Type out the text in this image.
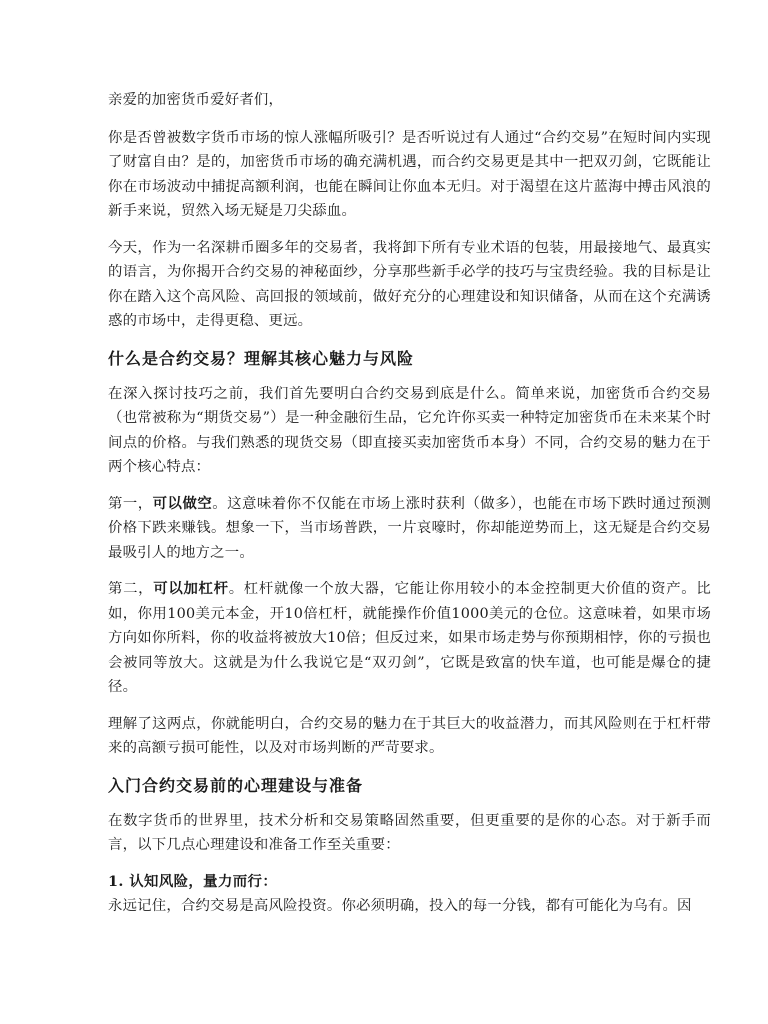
亲爱的加密货币爱好者们，

你是否曾被数字货币市场的惊人涨幅所吸引？是否听说过有人通过“合约交易”在短时间内实现了财富自由？是的，加密货币市场的确充满机遇，而合约交易更是其中一把双刃剑，它既能让你在市场波动中捕捉高额利润，也能在瞬间让你血本无归。对于渴望在这片蓝海中搏击风浪的新手来说，贸然入场无疑是刀尖舔血。

今天，作为一名深耕币圈多年的交易者，我将卸下所有专业术语的包装，用最接地气、最真实的语言，为你揭开合约交易的神秘面纱，分享那些新手必学的技巧与宝贵经验。我的目标是让你在踏入这个高风险、高回报的领域前，做好充分的心理建设和知识储备，从而在这个充满诱惑的市场中，走得更稳、更远。

什么是合约交易？理解其核心魅力与风险

在深入探讨技巧之前，我们首先要明白合约交易到底是什么。简单来说，加密货币合约交易（也常被称为“期货交易”）是一种金融衍生品，它允许你买卖一种特定加密货币在未来某个时间点的价格。与我们熟悉的现货交易（即直接买卖加密货币本身）不同，合约交易的魅力在于两个核心特点：

第一，可以做空。这意味着你不仅能在市场上涨时获利（做多），也能在市场下跌时通过预测价格下跌来赚钱。想象一下，当市场普跌，一片哀嚎时，你却能逆势而上，这无疑是合约交易最吸引人的地方之一。

第二，可以加杠杆。杠杆就像一个放大器，它能让你用较小的本金控制更大价值的资产。比如，你用100美元本金，开10倍杠杆，就能操作价值1000美元的仓位。这意味着，如果市场方向如你所料，你的收益将被放大10倍；但反过来，如果市场走势与你预期相悖，你的亏损也会被同等放大。这就是为什么我说它是“双刃剑”，它既是致富的快车道，也可能是爆仓的捷径。

理解了这两点，你就能明白，合约交易的魅力在于其巨大的收益潜力，而其风险则在于杠杆带来的高额亏损可能性，以及对市场判断的严苛要求。

入门合约交易前的心理建设与准备

在数字货币的世界里，技术分析和交易策略固然重要，但更重要的是你的心态。对于新手而言，以下几点心理建设和准备工作至关重要：

1. 认知风险，量力而行：

永远记住，合约交易是高风险投资。你必须明确，投入的每一分钱，都有可能化为乌有。因
